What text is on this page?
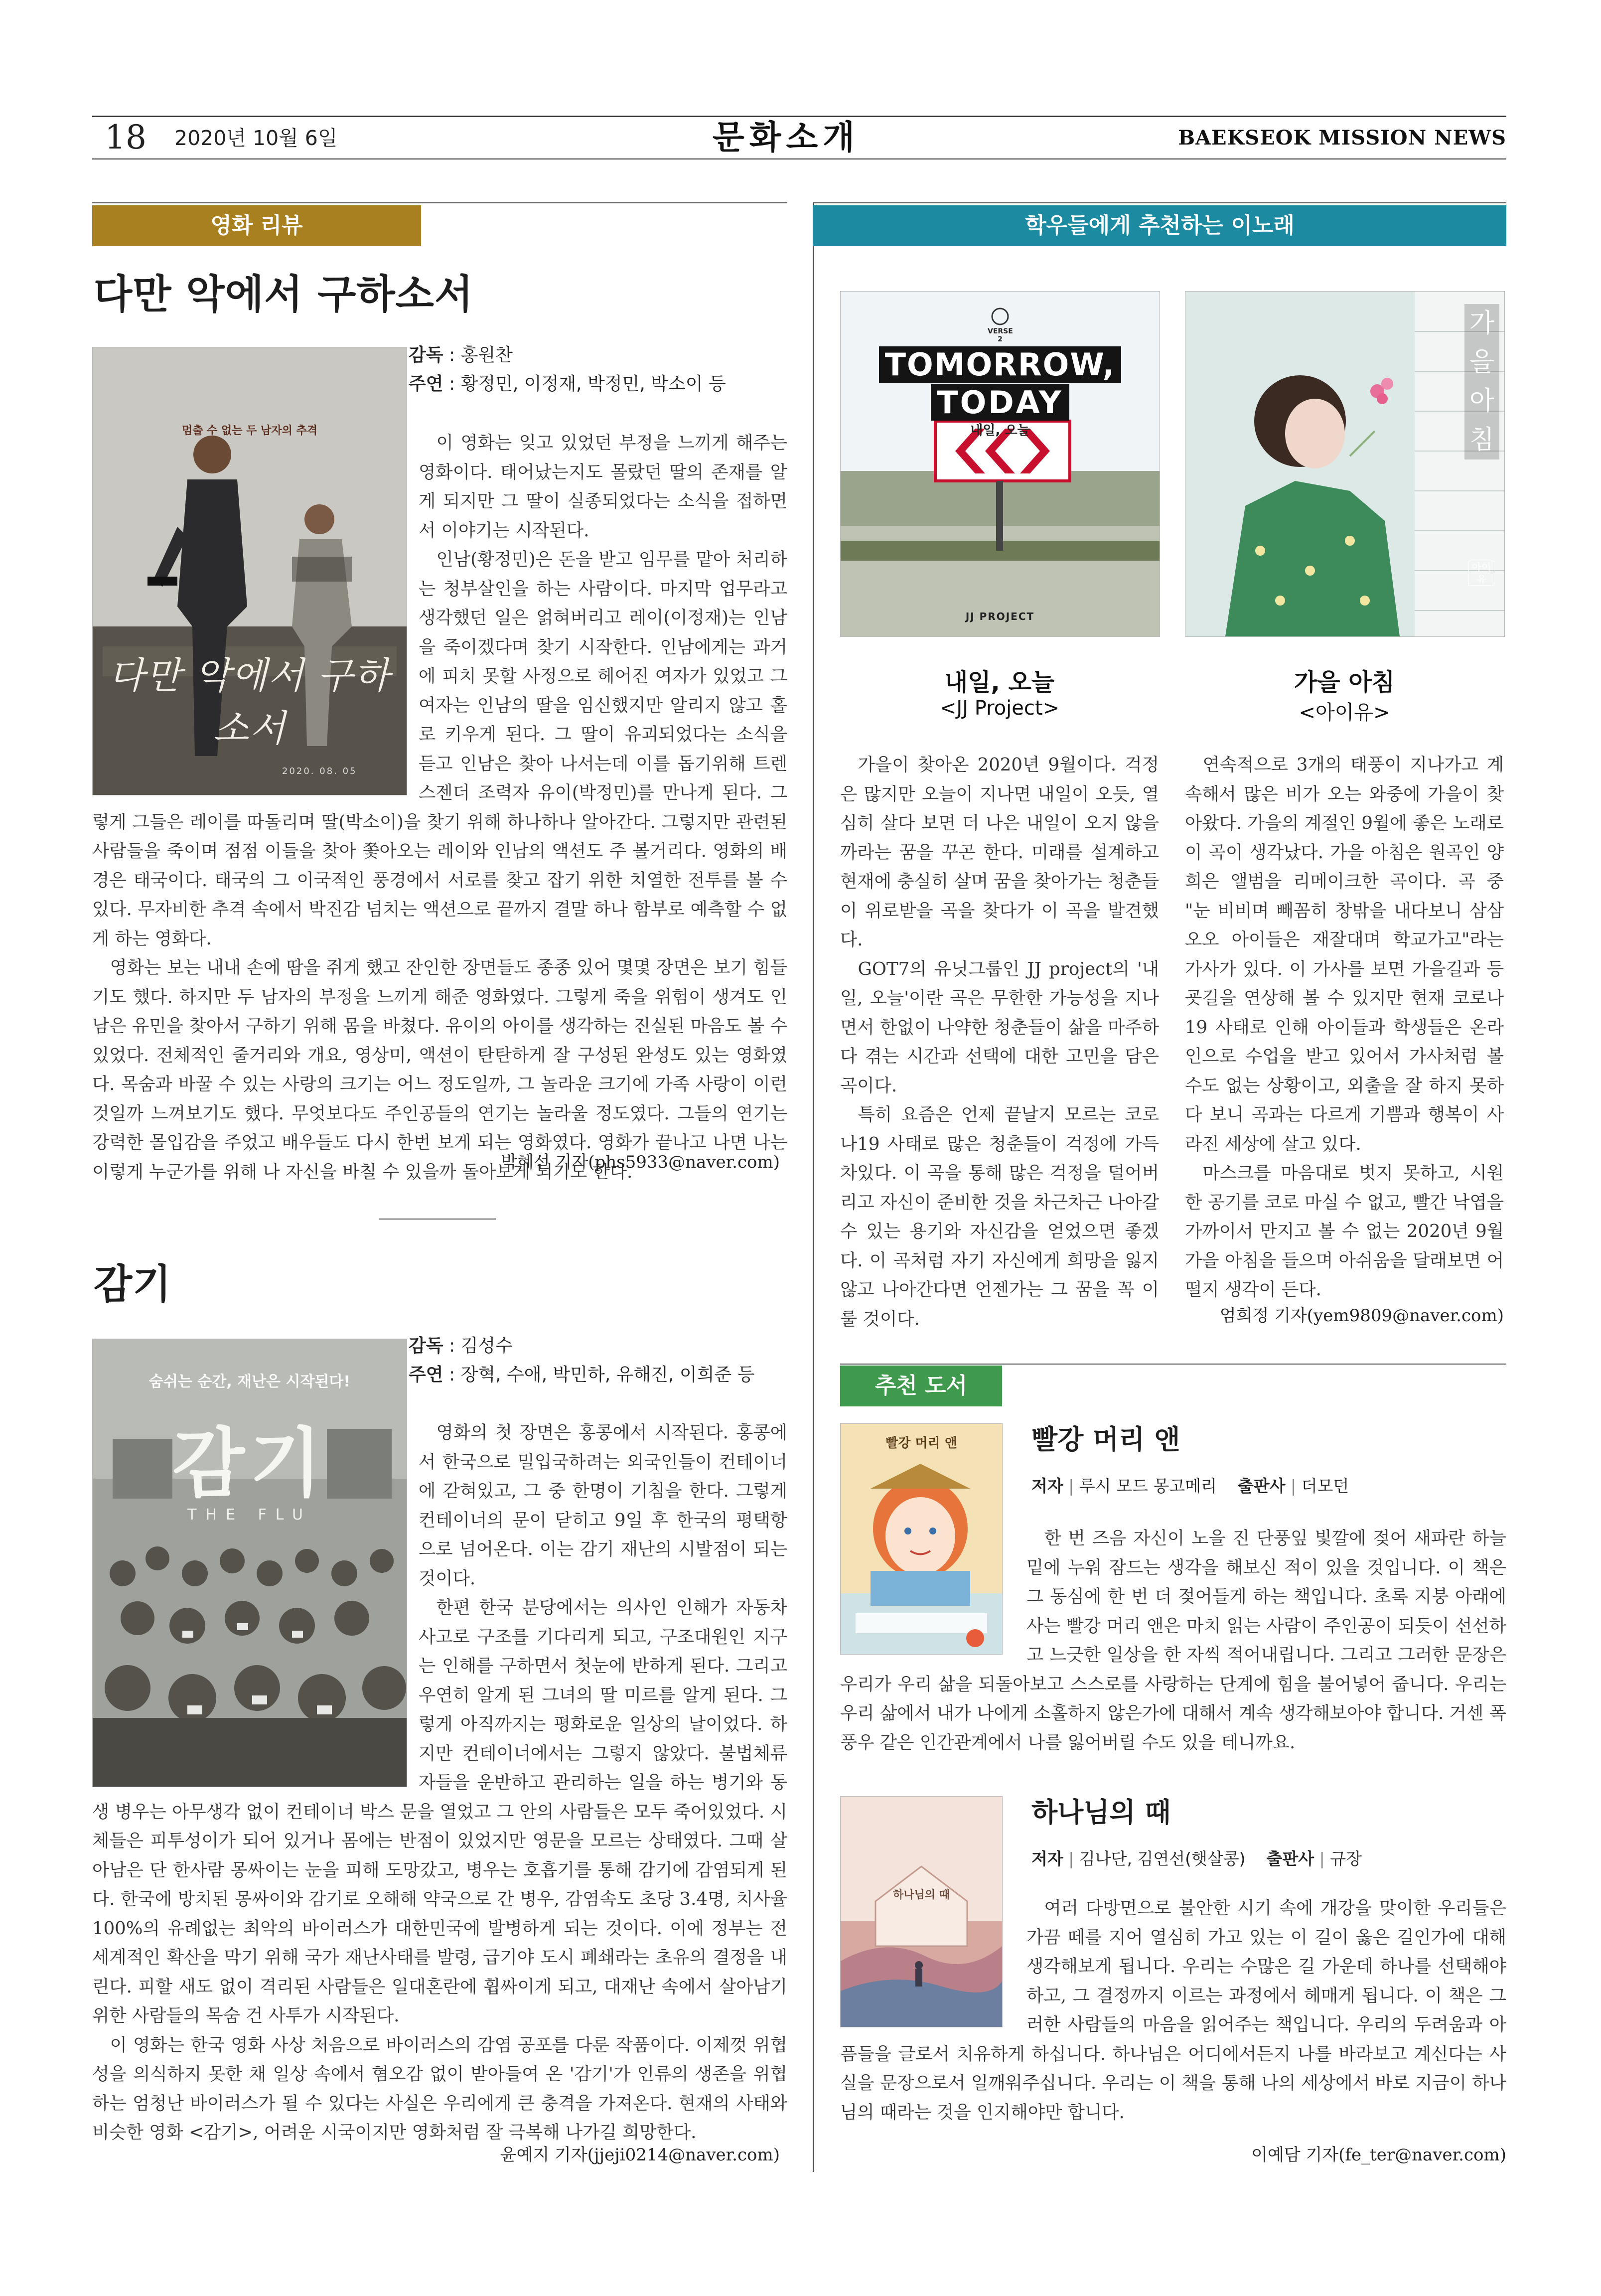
18 2020년 10월 6일	문화소개	BAEKSEOK MISSION NEWS
영화 리뷰
다만 악에서 구하소서
멈출 수 없는 두 남자의 추격
다만 악에서 구하소서
2020. 08. 05
감독 : 홍원찬
주연 : 황정민, 이정재, 박정민, 박소이 등

이 영화는 잊고 있었던 부정을 느끼게 해주는 영화이다. 태어났는지도 몰랐던 딸의 존재를 알게 되지만 그 딸이 실종되었다는 소식을 접하면서 이야기는 시작된다.

인남(황정민)은 돈을 받고 임무를 맡아 처리하는 청부살인을 하는 사람이다. 마지막 업무라고 생각했던 일은 얽혀버리고 레이(이정재)는 인남을 죽이겠다며 찾기 시작한다. 인남에게는 과거에 피치 못할 사정으로 헤어진 여자가 있었고 그 여자는 인남의 딸을 임신했지만 알리지 않고 홀로 키우게 된다. 그 딸이 유괴되었다는 소식을 듣고 인남은 찾아 나서는데 이를 돕기위해 트렌스젠더 조력자 유이(박정민)를 만나게 된다. 그렇게 그들은 레이를 따돌리며 딸(박소이)을 찾기 위해 하나하나 알아간다. 그렇지만 관련된 사람들을 죽이며 점점 이들을 찾아 쫓아오는 레이와 인남의 액션도 주 볼거리다. 영화의 배경은 태국이다. 태국의 그 이국적인 풍경에서 서로를 찾고 잡기 위한 치열한 전투를 볼 수 있다. 무자비한 추격 속에서 박진감 넘치는 액션으로 끝까지 결말 하나 함부로 예측할 수 없게 하는 영화다.

영화는 보는 내내 손에 땀을 쥐게 했고 잔인한 장면들도 종종 있어 몇몇 장면은 보기 힘들기도 했다. 하지만 두 남자의 부정을 느끼게 해준 영화였다. 그렇게 죽을 위험이 생겨도 인남은 유민을 찾아서 구하기 위해 몸을 바쳤다. 유이의 아이를 생각하는 진실된 마음도 볼 수 있었다. 전체적인 줄거리와 개요, 영상미, 액션이 탄탄하게 잘 구성된 완성도 있는 영화였다. 목숨과 바꿀 수 있는 사랑의 크기는 어느 정도일까, 그 놀라운 크기에 가족 사랑이 이런 것일까 느껴보기도 했다. 무엇보다도 주인공들의 연기는 놀라울 정도였다. 그들의 연기는 강력한 몰입감을 주었고 배우들도 다시 한번 보게 되는 영화였다. 영화가 끝나고 나면 나는 이렇게 누군가를 위해 나 자신을 바칠 수 있을까 돌아보게 되기도 한다.

박혜선 기자(phs5933@naver.com)
감기
숨쉬는 순간, 재난은 시작된다!
감기
THE FLU
감독 : 김성수
주연 : 장혁, 수애, 박민하, 유해진, 이희준 등

영화의 첫 장면은 홍콩에서 시작된다. 홍콩에서 한국으로 밀입국하려는 외국인들이 컨테이너에 갇혀있고, 그 중 한명이 기침을 한다. 그렇게 컨테이너의 문이 닫히고 9일 후 한국의 평택항으로 넘어온다. 이는 감기 재난의 시발점이 되는 것이다.

한편 한국 분당에서는 의사인 인해가 자동차 사고로 구조를 기다리게 되고, 구조대원인 지구는 인해를 구하면서 첫눈에 반하게 된다. 그리고 우연히 알게 된 그녀의 딸 미르를 알게 된다. 그렇게 아직까지는 평화로운 일상의 날이었다. 하지만 컨테이너에서는 그렇지 않았다. 불법체류자들을 운반하고 관리하는 일을 하는 병기와 동생 병우는 아무생각 없이 컨테이너 박스 문을 열었고 그 안의 사람들은 모두 죽어있었다. 시체들은 피투성이가 되어 있거나 몸에는 반점이 있었지만 영문을 모르는 상태였다. 그때 살아남은 단 한사람 몽싸이는 눈을 피해 도망갔고, 병우는 호흡기를 통해 감기에 감염되게 된다. 한국에 방치된 몽싸이와 감기로 오해해 약국으로 간 병우, 감염속도 초당 3.4명, 치사율 100%의 유례없는 최악의 바이러스가 대한민국에 발병하게 되는 것이다. 이에 정부는 전 세계적인 확산을 막기 위해 국가 재난사태를 발령, 급기야 도시 폐쇄라는 초유의 결정을 내린다. 피할 새도 없이 격리된 사람들은 일대혼란에 휩싸이게 되고, 대재난 속에서 살아남기 위한 사람들의 목숨 건 사투가 시작된다.

이 영화는 한국 영화 사상 처음으로 바이러스의 감염 공포를 다룬 작품이다. 이제껏 위협성을 의식하지 못한 채 일상 속에서 혐오감 없이 받아들여 온 '감기'가 인류의 생존을 위협하는 엄청난 바이러스가 될 수 있다는 사실은 우리에게 큰 충격을 가져온다. 현재의 사태와 비슷한 영화 <감기>, 어려운 시국이지만 영화처럼 잘 극복해 나가길 희망한다.

윤예지 기자(jjeji0214@naver.com)
학우들에게 추천하는 이노래
VERSE 2
TOMORROW,
TODAY
내일, 오늘
JJ PROJECT
가 을 아 침
아이유
내일, 오늘
<JJ Project>
가을 아침
<아이유>

가을이 찾아온 2020년 9월이다. 걱정은 많지만 오늘이 지나면 내일이 오듯, 열심히 살다 보면 더 나은 내일이 오지 않을까라는 꿈을 꾸곤 한다. 미래를 설계하고 현재에 충실히 살며 꿈을 찾아가는 청춘들이 위로받을 곡을 찾다가 이 곡을 발견했다.

GOT7의 유닛그룹인 JJ project의 '내일, 오늘'이란 곡은 무한한 가능성을 지나면서 한없이 나약한 청춘들이 삶을 마주하다 겪는 시간과 선택에 대한 고민을 담은 곡이다.

특히 요즘은 언제 끝날지 모르는 코로나19 사태로 많은 청춘들이 걱정에 가득 차있다. 이 곡을 통해 많은 걱정을 덜어버리고 자신이 준비한 것을 차근차근 나아갈 수 있는 용기와 자신감을 얻었으면 좋겠다. 이 곡처럼 자기 자신에게 희망을 잃지 않고 나아간다면 언젠가는 그 꿈을 꼭 이룰 것이다.

연속적으로 3개의 태풍이 지나가고 계속해서 많은 비가 오는 와중에 가을이 찾아왔다. 가을의 계절인 9월에 좋은 노래로 이 곡이 생각났다. 가을 아침은 원곡인 양희은 앨범을 리메이크한 곡이다. 곡 중 "눈 비비며 빼꼼히 창밖을 내다보니 삼삼오오 아이들은 재잘대며 학교가고"라는 가사가 있다. 이 가사를 보면 가을길과 등굣길을 연상해 볼 수 있지만 현재 코로나19 사태로 인해 아이들과 학생들은 온라인으로 수업을 받고 있어서 가사처럼 볼 수도 없는 상황이고, 외출을 잘 하지 못하다 보니 곡과는 다르게 기쁨과 행복이 사라진 세상에 살고 있다.

마스크를 마음대로 벗지 못하고, 시원한 공기를 코로 마실 수 없고, 빨간 낙엽을 가까이서 만지고 볼 수 없는 2020년 9월 가을 아침을 들으며 아쉬움을 달래보면 어떨지 생각이 든다.

엄희정 기자(yem9809@naver.com)
추천 도서
빨강 머리 앤	빨강 머리 앤
저자 | 루시 모드 몽고메리 출판사 | 더모던

한 번 즈음 자신이 노을 진 단풍잎 빛깔에 젖어 새파란 하늘 밑에 누워 잠드는 생각을 해보신 적이 있을 것입니다. 이 책은 그 동심에 한 번 더 젖어들게 하는 책입니다. 초록 지붕 아래에 사는 빨강 머리 앤은 마치 읽는 사람이 주인공이 되듯이 선선하고 느긋한 일상을 한 자씩 적어내립니다. 그리고 그러한 문장은 우리가 우리 삶을 되돌아보고 스스로를 사랑하는 단계에 힘을 불어넣어 줍니다. 우리는 우리 삶에서 내가 나에게 소홀하지 않은가에 대해서 계속 생각해보아야 합니다. 거센 폭풍우 같은 인간관계에서 나를 잃어버릴 수도 있을 테니까요.

하나님의 때
하나님의 때
저자 | 김나단, 김연선(햇살콩) 출판사 | 규장

여러 다방면으로 불안한 시기 속에 개강을 맞이한 우리들은 가끔 떼를 지어 열심히 가고 있는 이 길이 옳은 길인가에 대해 생각해보게 됩니다. 우리는 수많은 길 가운데 하나를 선택해야 하고, 그 결정까지 이르는 과정에서 헤매게 됩니다. 이 책은 그러한 사람들의 마음을 읽어주는 책입니다. 우리의 두려움과 아픔들을 글로서 치유하게 하십니다. 하나님은 어디에서든지 나를 바라보고 계신다는 사실을 문장으로서 일깨워주십니다. 우리는 이 책을 통해 나의 세상에서 바로 지금이 하나님의 때라는 것을 인지해야만 합니다.

이예담 기자(fe_ter@naver.com)
